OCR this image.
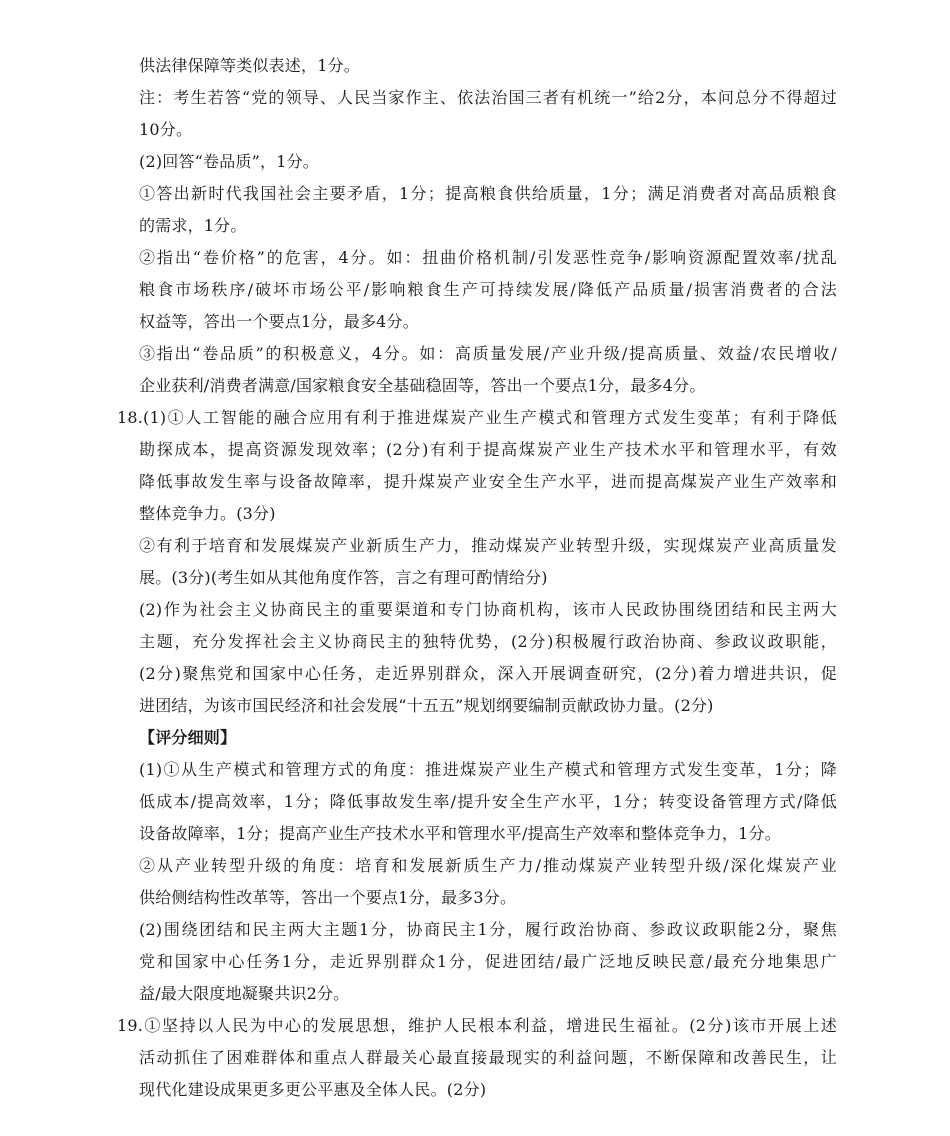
供法律保障等类似表述，1分。
注：考生若答“党的领导、人民当家作主、依法治国三者有机统一”给2分，本问总分不得超过
10分。
(2)回答“卷品质”，1分。
①答出新时代我国社会主要矛盾，1分；提高粮食供给质量，1分；满足消费者对高品质粮食
的需求，1分。
②指出“卷价格”的危害，4分。如：扭曲价格机制/引发恶性竞争/影响资源配置效率/扰乱
粮食市场秩序/破坏市场公平/影响粮食生产可持续发展/降低产品质量/损害消费者的合法
权益等，答出一个要点1分，最多4分。
③指出“卷品质”的积极意义，4分。如：高质量发展/产业升级/提高质量、效益/农民增收/
企业获利/消费者满意/国家粮食安全基础稳固等，答出一个要点1分，最多4分。
18.(1)①人工智能的融合应用有利于推进煤炭产业生产模式和管理方式发生变革；有利于降低
勘探成本，提高资源发现效率；(2分)有利于提高煤炭产业生产技术水平和管理水平，有效
降低事故发生率与设备故障率，提升煤炭产业安全生产水平，进而提高煤炭产业生产效率和
整体竞争力。(3分)
②有利于培育和发展煤炭产业新质生产力，推动煤炭产业转型升级，实现煤炭产业高质量发
展。(3分)(考生如从其他角度作答，言之有理可酌情给分)
(2)作为社会主义协商民主的重要渠道和专门协商机构，该市人民政协围绕团结和民主两大
主题，充分发挥社会主义协商民主的独特优势，(2分)积极履行政治协商、参政议政职能，
(2分)聚焦党和国家中心任务，走近界别群众，深入开展调查研究，(2分)着力增进共识，促
进团结，为该市国民经济和社会发展“十五五”规划纲要编制贡献政协力量。(2分)
【评分细则】
(1)①从生产模式和管理方式的角度：推进煤炭产业生产模式和管理方式发生变革，1分；降
低成本/提高效率，1分；降低事故发生率/提升安全生产水平，1分；转变设备管理方式/降低
设备故障率，1分；提高产业生产技术水平和管理水平/提高生产效率和整体竞争力，1分。
②从产业转型升级的角度：培育和发展新质生产力/推动煤炭产业转型升级/深化煤炭产业
供给侧结构性改革等，答出一个要点1分，最多3分。
(2)围绕团结和民主两大主题1分，协商民主1分，履行政治协商、参政议政职能2分，聚焦
党和国家中心任务1分，走近界别群众1分，促进团结/最广泛地反映民意/最充分地集思广
益/最大限度地凝聚共识2分。
19.①坚持以人民为中心的发展思想，维护人民根本利益，增进民生福祉。(2分)该市开展上述
活动抓住了困难群体和重点人群最关心最直接最现实的利益问题，不断保障和改善民生，让
现代化建设成果更多更公平惠及全体人民。(2分)
